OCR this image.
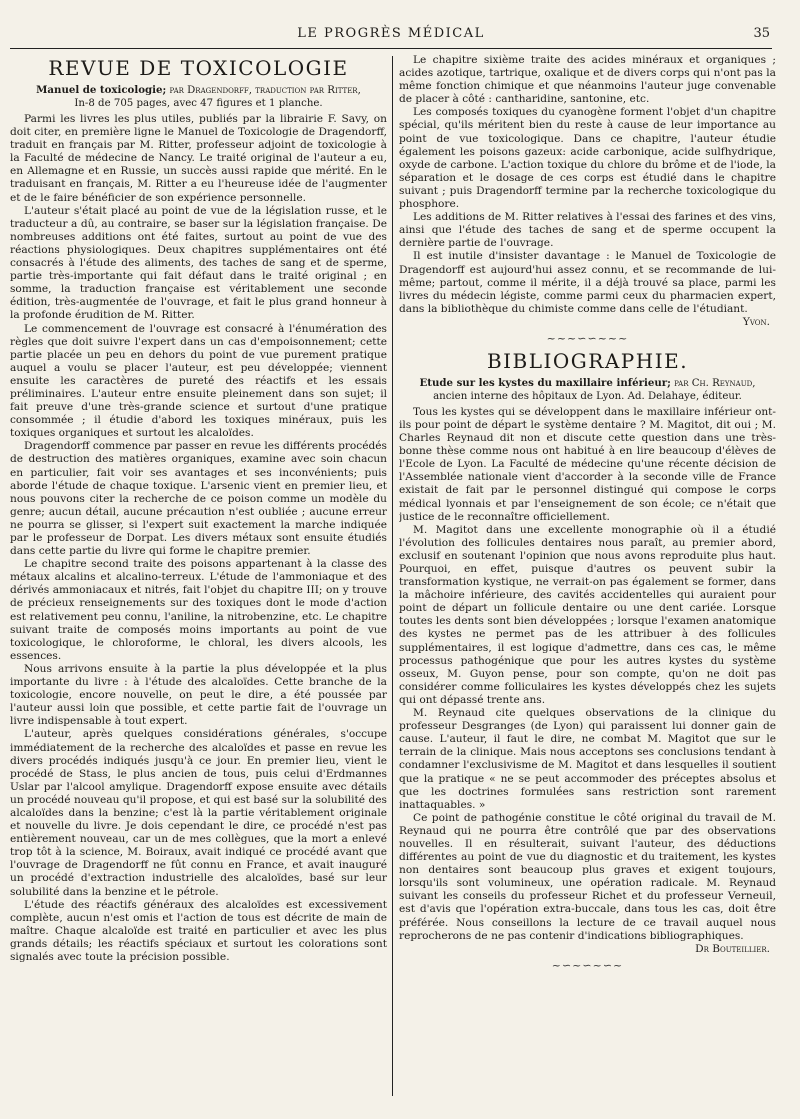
LE PROGRÈS MÉDICAL	35
REVUE DE TOXICOLOGIE
Manuel de toxicologie; par Dragendorff, traduction par Ritter,
In-8 de 705 pages, avec 47 figures et 1 planche.

Parmi les livres les plus utiles, publiés par la librairie F. Savy, on doit citer, en première ligne le Manuel de Toxicologie de Dragendorff, traduit en français par M. Ritter, professeur adjoint de toxicologie à la Faculté de médecine de Nancy. Le traité original de l'auteur a eu, en Allemagne et en Russie, un succès aussi rapide que mérité. En le traduisant en français, M. Ritter a eu l'heureuse idée de l'augmenter et de le faire bénéficier de son expérience personnelle.

L'auteur s'était placé au point de vue de la législation russe, et le traducteur a dû, au contraire, se baser sur la législation française. De nombreuses additions ont été faites, surtout au point de vue des réactions physiologiques. Deux chapitres supplémentaires ont été consacrés à l'étude des aliments, des taches de sang et de sperme, partie très-importante qui fait défaut dans le traité original ; en somme, la traduction française est véritablement une seconde édition, très-augmentée de l'ouvrage, et fait le plus grand honneur à la profonde érudition de M. Ritter.

Le commencement de l'ouvrage est consacré à l'énumération des règles que doit suivre l'expert dans un cas d'empoisonnement; cette partie placée un peu en dehors du point de vue purement pratique auquel a voulu se placer l'auteur, est peu développée; viennent ensuite les caractères de pureté des réactifs et les essais préliminaires. L'auteur entre ensuite pleinement dans son sujet; il fait preuve d'une très-grande science et surtout d'une pratique consommée ; il étudie d'abord les toxiques minéraux, puis les toxiques organiques et surtout les alcaloïdes.

Dragendorff commence par passer en revue les différents procédés de destruction des matières organiques, examine avec soin chacun en particulier, fait voir ses avantages et ses inconvénients; puis aborde l'étude de chaque toxique. L'arsenic vient en premier lieu, et nous pouvons citer la recherche de ce poison comme un modèle du genre; aucun détail, aucune précaution n'est oubliée ; aucune erreur ne pourra se glisser, si l'expert suit exactement la marche indiquée par le professeur de Dorpat. Les divers métaux sont ensuite étudiés dans cette partie du livre qui forme le chapitre premier.

Le chapitre second traite des poisons appartenant à la classe des métaux alcalins et alcalino-terreux. L'étude de l'ammoniaque et des dérivés ammoniacaux et nitrés, fait l'objet du chapitre III; on y trouve de précieux renseignements sur des toxiques dont le mode d'action est relativement peu connu, l'aniline, la nitrobenzine, etc. Le chapitre suivant traite de composés moins importants au point de vue toxicologique, le chloroforme, le chloral, les divers alcools, les essences.

Nous arrivons ensuite à la partie la plus développée et la plus importante du livre : à l'étude des alcaloïdes. Cette branche de la toxicologie, encore nouvelle, on peut le dire, a été poussée par l'auteur aussi loin que possible, et cette partie fait de l'ouvrage un livre indispensable à tout expert.

L'auteur, après quelques considérations générales, s'occupe immédiatement de la recherche des alcaloïdes et passe en revue les divers procédés indiqués jusqu'à ce jour. En premier lieu, vient le procédé de Stass, le plus ancien de tous, puis celui d'Erdmannes Uslar par l'alcool amylique. Dragendorff expose ensuite avec détails un procédé nouveau qu'il propose, et qui est basé sur la solubilité des alcaloïdes dans la benzine; c'est là la partie véritablement originale et nouvelle du livre. Je dois cependant le dire, ce procédé n'est pas entièrement nouveau, car un de mes collègues, que la mort a enlevé trop tôt à la science, M. Boiraux, avait indiqué ce procédé avant que l'ouvrage de Dragendorff ne fût connu en France, et avait inauguré un procédé d'extraction industrielle des alcaloïdes, basé sur leur solubilité dans la benzine et le pétrole.

L'étude des réactifs généraux des alcaloïdes est excessivement complète, aucun n'est omis et l'action de tous est décrite de main de maître. Chaque alcaloïde est traité en particulier et avec les plus grands détails; les réactifs spéciaux et surtout les colorations sont signalés avec toute la précision possible.

Le chapitre sixième traite des acides minéraux et organiques ; acides azotique, tartrique, oxalique et de divers corps qui n'ont pas la même fonction chimique et que néanmoins l'auteur juge convenable de placer à côté : cantharidine, santonine, etc.

Les composés toxiques du cyanogène forment l'objet d'un chapitre spécial, qu'ils méritent bien du reste à cause de leur importance au point de vue toxicologique. Dans ce chapitre, l'auteur étudie également les poisons gazeux: acide carbonique, acide sulfhydrique, oxyde de carbone. L'action toxique du chlore du brôme et de l'iode, la séparation et le dosage de ces corps est étudié dans le chapitre suivant ; puis Dragendorff termine par la recherche toxicologique du phosphore.

Les additions de M. Ritter relatives à l'essai des farines et des vins, ainsi que l'étude des taches de sang et de sperme occupent la dernière partie de l'ouvrage.

Il est inutile d'insister davantage : le Manuel de Toxicologie de Dragendorff est aujourd'hui assez connu, et se recommande de lui-même; partout, comme il mérite, il a déjà trouvé sa place, parmi les livres du médecin légiste, comme parmi ceux du pharmacien expert, dans la bibliothèque du chimiste comme dans celle de l'étudiant.

Yvon.
~~~∽∽~~~
BIBLIOGRAPHIE.
Etude sur les kystes du maxillaire inférieur; par Ch. Reynaud,
ancien interne des hôpitaux de Lyon. Ad. Delahaye, éditeur.

Tous les kystes qui se développent dans le maxillaire inférieur ont-ils pour point de départ le système dentaire ? M. Magitot, dit oui ; M. Charles Reynaud dit non et discute cette question dans une très-bonne thèse comme nous ont habitué à en lire beaucoup d'élèves de l'Ecole de Lyon. La Faculté de médecine qu'une récente décision de l'Assemblée nationale vient d'accorder à la seconde ville de France existait de fait par le personnel distingué qui compose le corps médical lyonnais et par l'enseignement de son école; ce n'était que justice de le reconnaître officiellement.

M. Magitot dans une excellente monographie où il a étudié l'évolution des follicules dentaires nous paraît, au premier abord, exclusif en soutenant l'opinion que nous avons reproduite plus haut. Pourquoi, en effet, puisque d'autres os peuvent subir la transformation kystique, ne verrait-on pas également se former, dans la mâchoire inférieure, des cavités accidentelles qui auraient pour point de départ un follicule dentaire ou une dent cariée. Lorsque toutes les dents sont bien développées ; lorsque l'examen anatomique des kystes ne permet pas de les attribuer à des follicules supplémentaires, il est logique d'admettre, dans ces cas, le même processus pathogénique que pour les autres kystes du système osseux, M. Guyon pense, pour son compte, qu'on ne doit pas considérer comme folliculaires les kystes développés chez les sujets qui ont dépassé trente ans.

M. Reynaud cite quelques observations de la clinique du professeur Desgranges (de Lyon) qui paraissent lui donner gain de cause. L'auteur, il faut le dire, ne combat M. Magitot que sur le terrain de la clinique. Mais nous acceptons ses conclusions tendant à condamner l'exclusivisme de M. Magitot et dans lesquelles il soutient que la pratique « ne se peut accommoder des préceptes absolus et que les doctrines formulées sans restriction sont rarement inattaquables. »

Ce point de pathogénie constitue le côté original du travail de M. Reynaud qui ne pourra être contrôlé que par des observations nouvelles. Il en résulterait, suivant l'auteur, des déductions différentes au point de vue du diagnostic et du traitement, les kystes non dentaires sont beaucoup plus graves et exigent toujours, lorsqu'ils sont volumineux, une opération radicale. M. Reynaud suivant les conseils du professeur Richet et du professeur Verneuil, est d'avis que l'opération extra-buccale, dans tous les cas, doit être préférée. Nous conseillons la lecture de ce travail auquel nous reprocherons de ne pas contenir d'indications bibliographiques.

Dr Bouteillier.
~∽~∽~∽~
